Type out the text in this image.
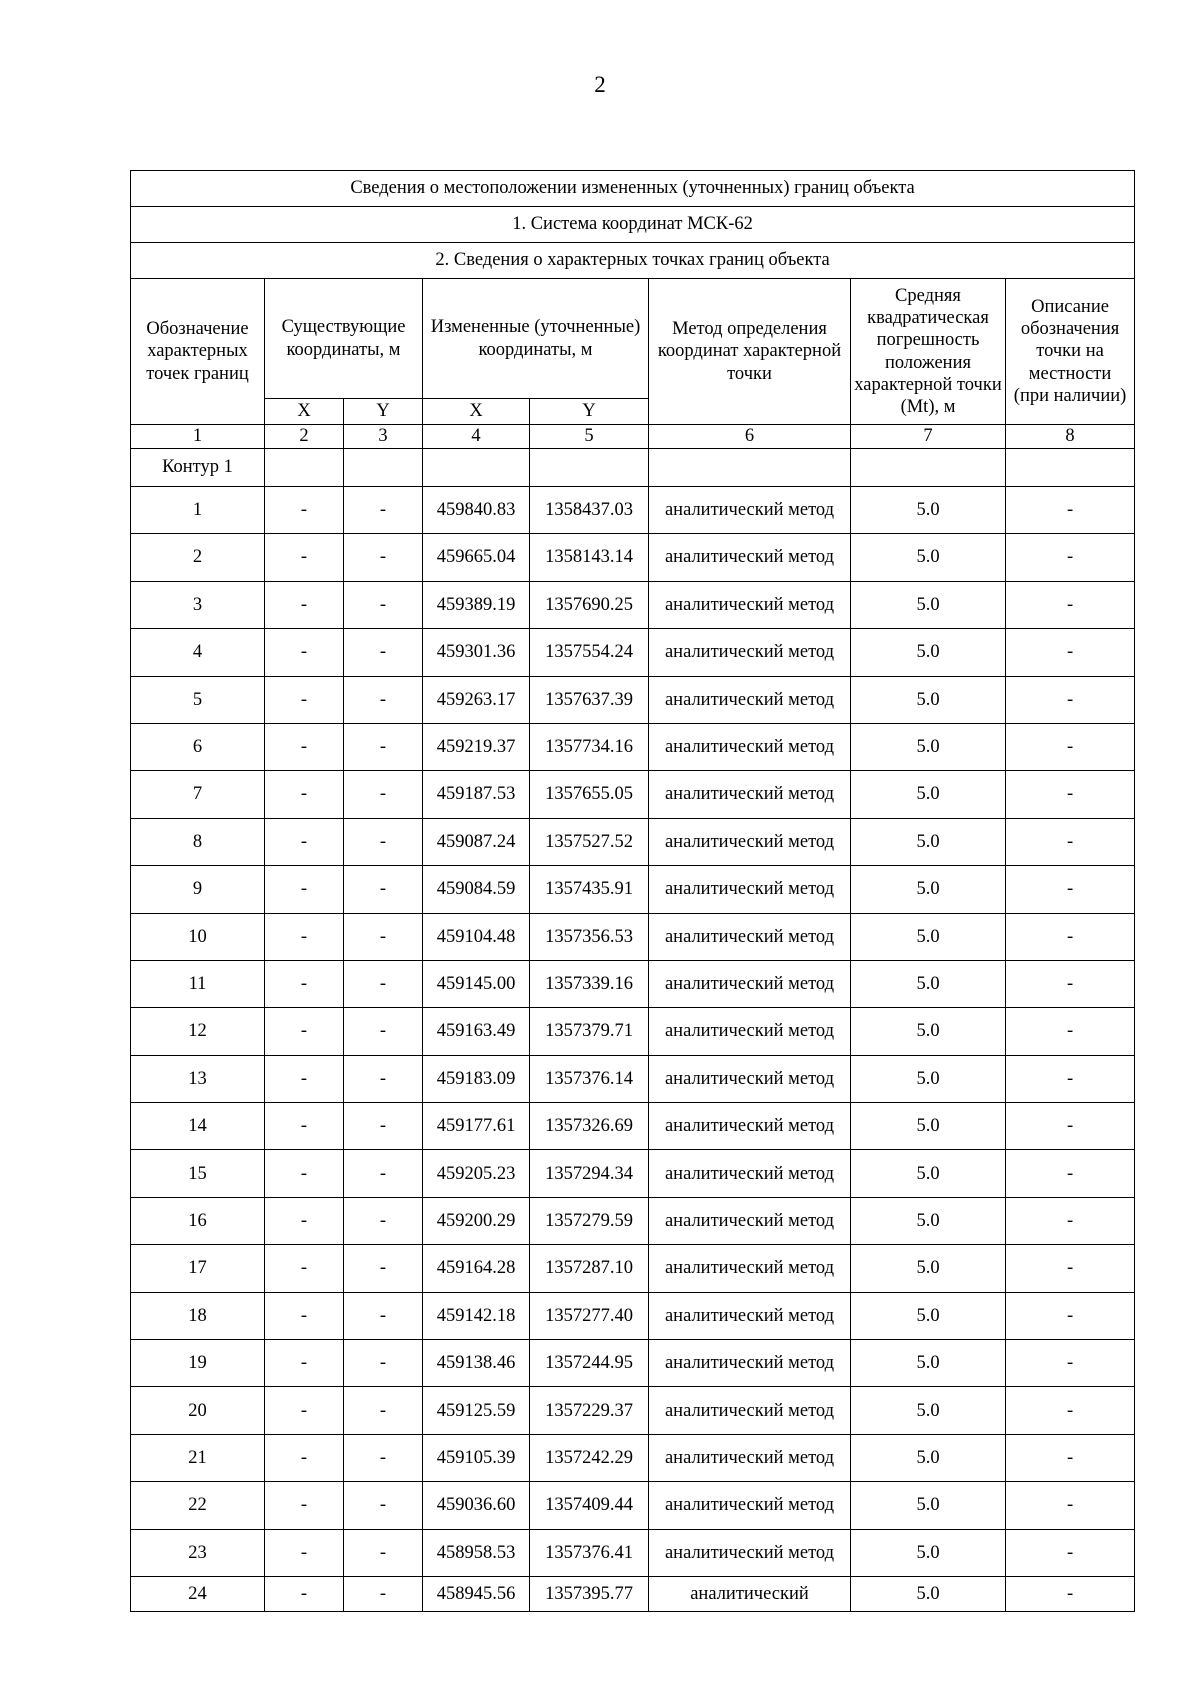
2
Сведения о местоположении измененных (уточненных) границ объекта							
1. Система координат МСК-62							
2. Сведения о характерных точках границ объекта							
Обозначение характерных точек границ	Существующие координаты, м		Измененные (уточненные) координаты, м		Метод определения координат характерной точки	Средняя квадратическая погрешность положения характерной точки (Mt), м	Описание обозначения точки на местности (при наличии)
	X	Y	X	Y			
1	2	3	4	5	6	7	8
Контур 1							
1	-	-	459840.83	1358437.03	аналитический метод	5.0	-
2	-	-	459665.04	1358143.14	аналитический метод	5.0	-
3	-	-	459389.19	1357690.25	аналитический метод	5.0	-
4	-	-	459301.36	1357554.24	аналитический метод	5.0	-
5	-	-	459263.17	1357637.39	аналитический метод	5.0	-
6	-	-	459219.37	1357734.16	аналитический метод	5.0	-
7	-	-	459187.53	1357655.05	аналитический метод	5.0	-
8	-	-	459087.24	1357527.52	аналитический метод	5.0	-
9	-	-	459084.59	1357435.91	аналитический метод	5.0	-
10	-	-	459104.48	1357356.53	аналитический метод	5.0	-
11	-	-	459145.00	1357339.16	аналитический метод	5.0	-
12	-	-	459163.49	1357379.71	аналитический метод	5.0	-
13	-	-	459183.09	1357376.14	аналитический метод	5.0	-
14	-	-	459177.61	1357326.69	аналитический метод	5.0	-
15	-	-	459205.23	1357294.34	аналитический метод	5.0	-
16	-	-	459200.29	1357279.59	аналитический метод	5.0	-
17	-	-	459164.28	1357287.10	аналитический метод	5.0	-
18	-	-	459142.18	1357277.40	аналитический метод	5.0	-
19	-	-	459138.46	1357244.95	аналитический метод	5.0	-
20	-	-	459125.59	1357229.37	аналитический метод	5.0	-
21	-	-	459105.39	1357242.29	аналитический метод	5.0	-
22	-	-	459036.60	1357409.44	аналитический метод	5.0	-
23	-	-	458958.53	1357376.41	аналитический метод	5.0	-
24	-	-	458945.56	1357395.77	аналитический	5.0	-
